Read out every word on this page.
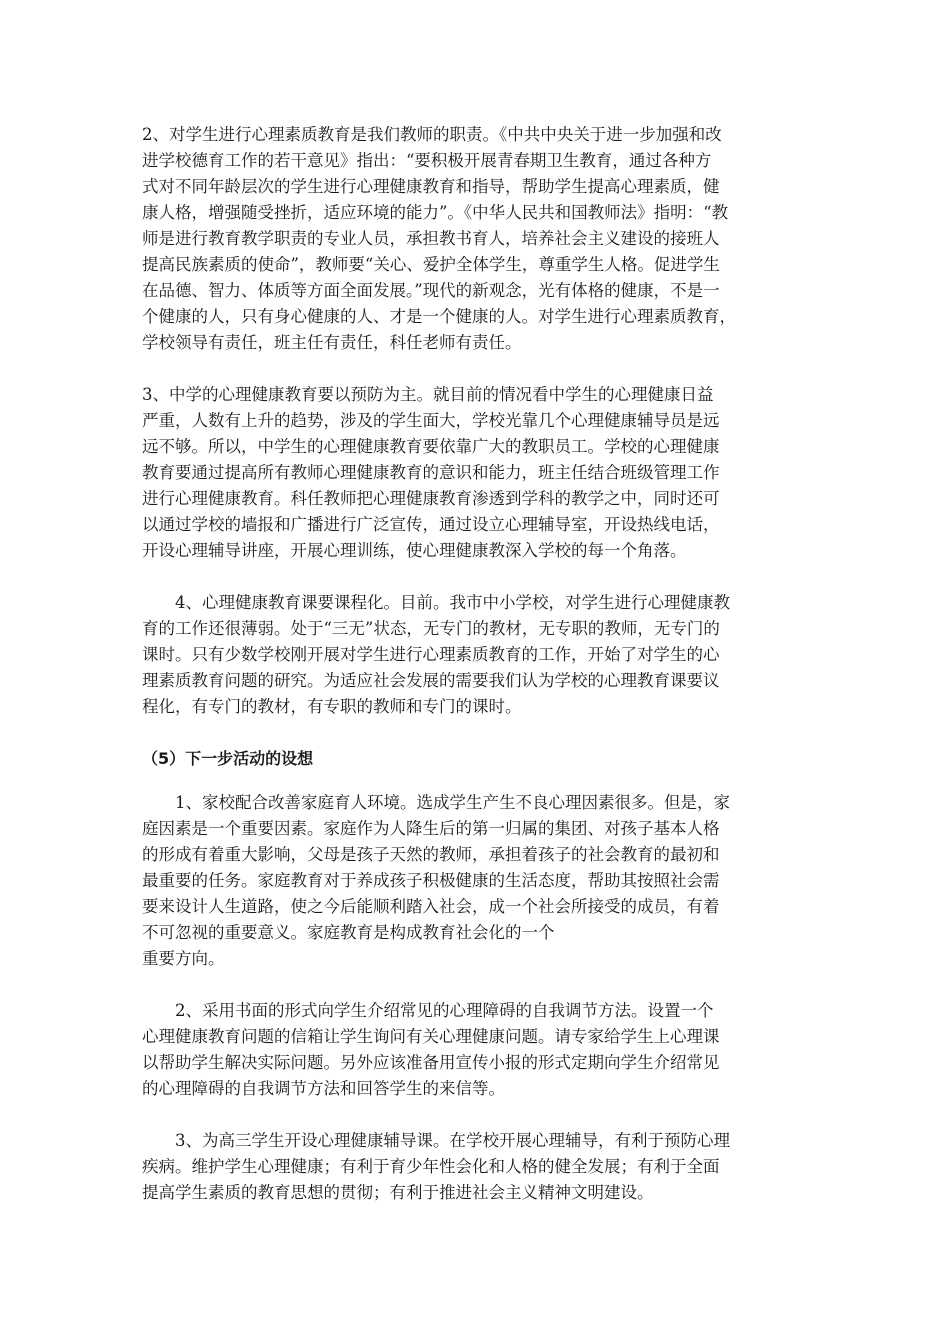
2、对学生进行心理素质教育是我们教师的职责。《中共中央关于进一步加强和改
进学校德育工作的若干意见》指出：“要积极开展青春期卫生教育，通过各种方
式对不同年龄层次的学生进行心理健康教育和指导，帮助学生提高心理素质，健
康人格，增强随受挫折，适应环境的能力”。《中华人民共和国教师法》指明：“教
师是进行教育教学职责的专业人员，承担教书育人，培养社会主义建设的接班人
提高民族素质的使命”，教师要“关心、爱护全体学生，尊重学生人格。促进学生
在品德、智力、体质等方面全面发展。”现代的新观念，光有体格的健康，不是一
个健康的人，只有身心健康的人、才是一个健康的人。对学生进行心理素质教育，
学校领导有责任，班主任有责任，科任老师有责任。
3、中学的心理健康教育要以预防为主。就目前的情况看中学生的心理健康日益
严重，人数有上升的趋势，涉及的学生面大，学校光靠几个心理健康辅导员是远
远不够。所以，中学生的心理健康教育要依靠广大的教职员工。学校的心理健康
教育要通过提高所有教师心理健康教育的意识和能力，班主任结合班级管理工作
进行心理健康教育。科任教师把心理健康教育渗透到学科的教学之中，同时还可
以通过学校的墙报和广播进行广泛宣传，通过设立心理辅导室，开设热线电话，
开设心理辅导讲座，开展心理训练，使心理健康教深入学校的每一个角落。
4、心理健康教育课要课程化。目前。我市中小学校，对学生进行心理健康教
育的工作还很薄弱。处于“三无”状态，无专门的教材，无专职的教师，无专门的
课时。只有少数学校刚开展对学生进行心理素质教育的工作，开始了对学生的心
理素质教育问题的研究。为适应社会发展的需要我们认为学校的心理教育课要议
程化，有专门的教材，有专职的教师和专门的课时。
（5）下一步活动的设想
1、家校配合改善家庭育人环境。选成学生产生不良心理因素很多。但是，家
庭因素是一个重要因素。家庭作为人降生后的第一归属的集团、对孩子基本人格
的形成有着重大影响，父母是孩子天然的教师，承担着孩子的社会教育的最初和
最重要的任务。家庭教育对于养成孩子积极健康的生活态度，帮助其按照社会需
要来设计人生道路，使之今后能顺利踏入社会，成一个社会所接受的成员，有着
不可忽视的重要意义。家庭教育是构成教育社会化的一个
重要方向。
2、采用书面的形式向学生介绍常见的心理障碍的自我调节方法。设置一个
心理健康教育问题的信箱让学生询问有关心理健康问题。请专家给学生上心理课
以帮助学生解决实际问题。另外应该准备用宣传小报的形式定期向学生介绍常见
的心理障碍的自我调节方法和回答学生的来信等。
3、为高三学生开设心理健康辅导课。在学校开展心理辅导，有利于预防心理
疾病。维护学生心理健康；有利于育少年性会化和人格的健全发展；有利于全面
提高学生素质的教育思想的贯彻；有利于推进社会主义精神文明建设。
